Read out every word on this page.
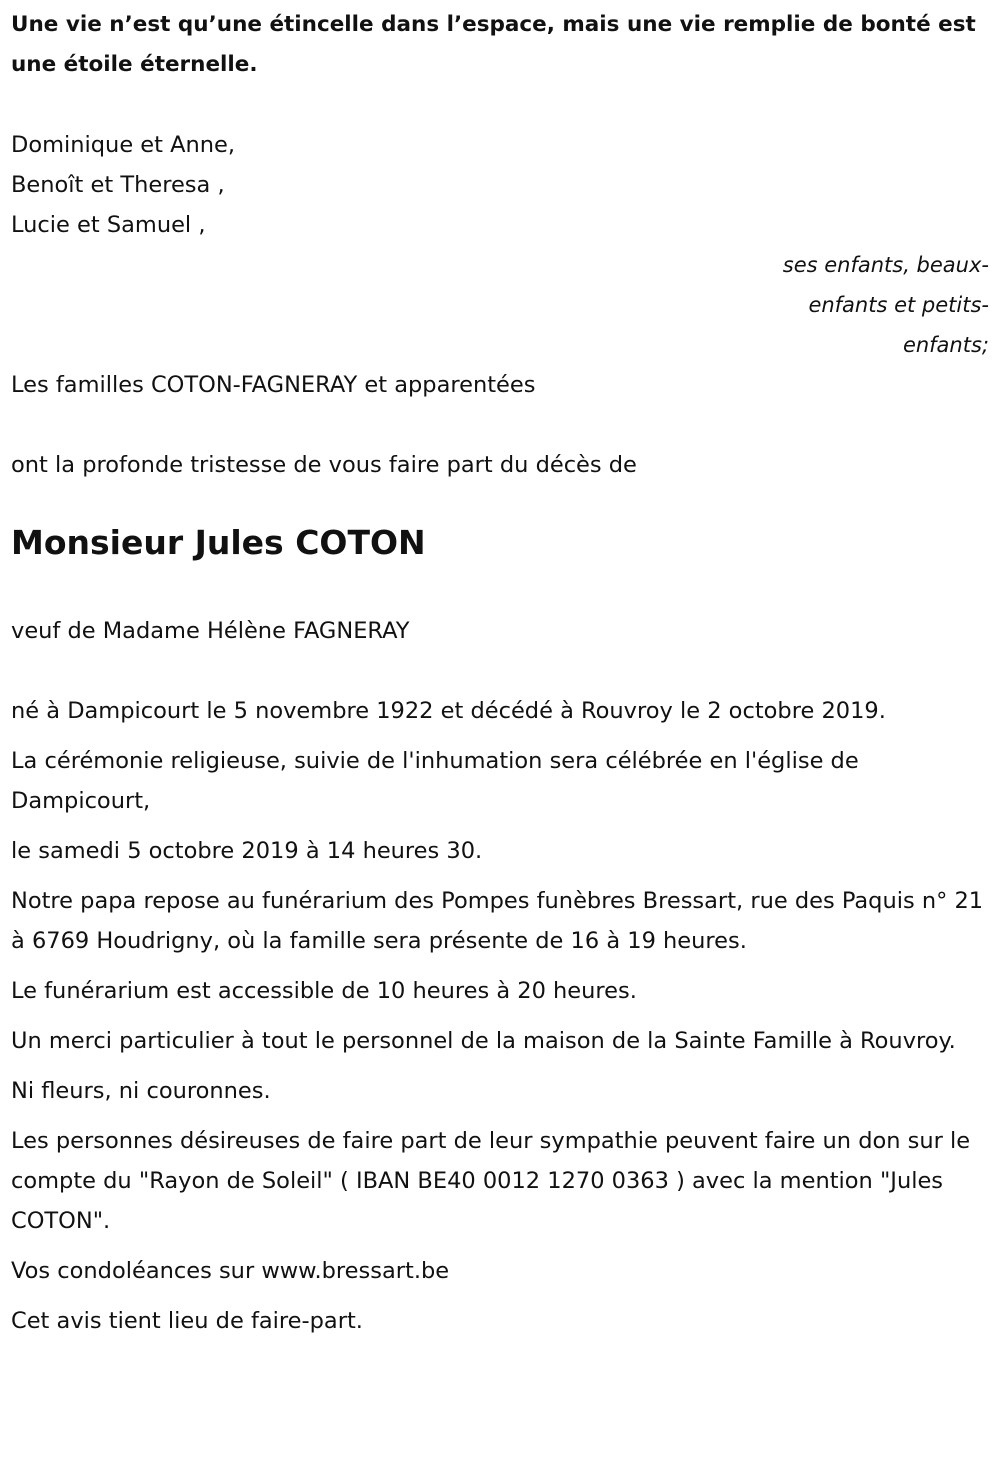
Une vie n’est qu’une étincelle dans l’espace, mais une vie remplie de bonté est une étoile éternelle.

Dominique et Anne,

Benoît et Theresa ,

Lucie et Samuel ,

ses enfants, beaux-enfants et petits-enfants;

Les familles COTON-FAGNERAY et apparentées

ont la profonde tristesse de vous faire part du décès de

Monsieur Jules COTON

veuf de Madame Hélène FAGNERAY

né à Dampicourt le 5 novembre 1922 et décédé à Rouvroy le 2 octobre 2019.

La cérémonie religieuse, suivie de l'inhumation sera célébrée en l'église de Dampicourt,

le samedi 5 octobre 2019 à 14 heures 30.

Notre papa repose au funérarium des Pompes funèbres Bressart, rue des Paquis n° 21 à 6769 Houdrigny, où la famille sera présente de 16 à 19 heures.

Le funérarium est accessible de 10 heures à 20 heures.

Un merci particulier à tout le personnel de la maison de la Sainte Famille à Rouvroy.

Ni fleurs, ni couronnes.

Les personnes désireuses de faire part de leur sympathie peuvent faire un don sur le compte du "Rayon de Soleil" ( IBAN BE40 0012 1270 0363 ) avec la mention "Jules COTON".

Vos condoléances sur www.bressart.be

Cet avis tient lieu de faire-part.
